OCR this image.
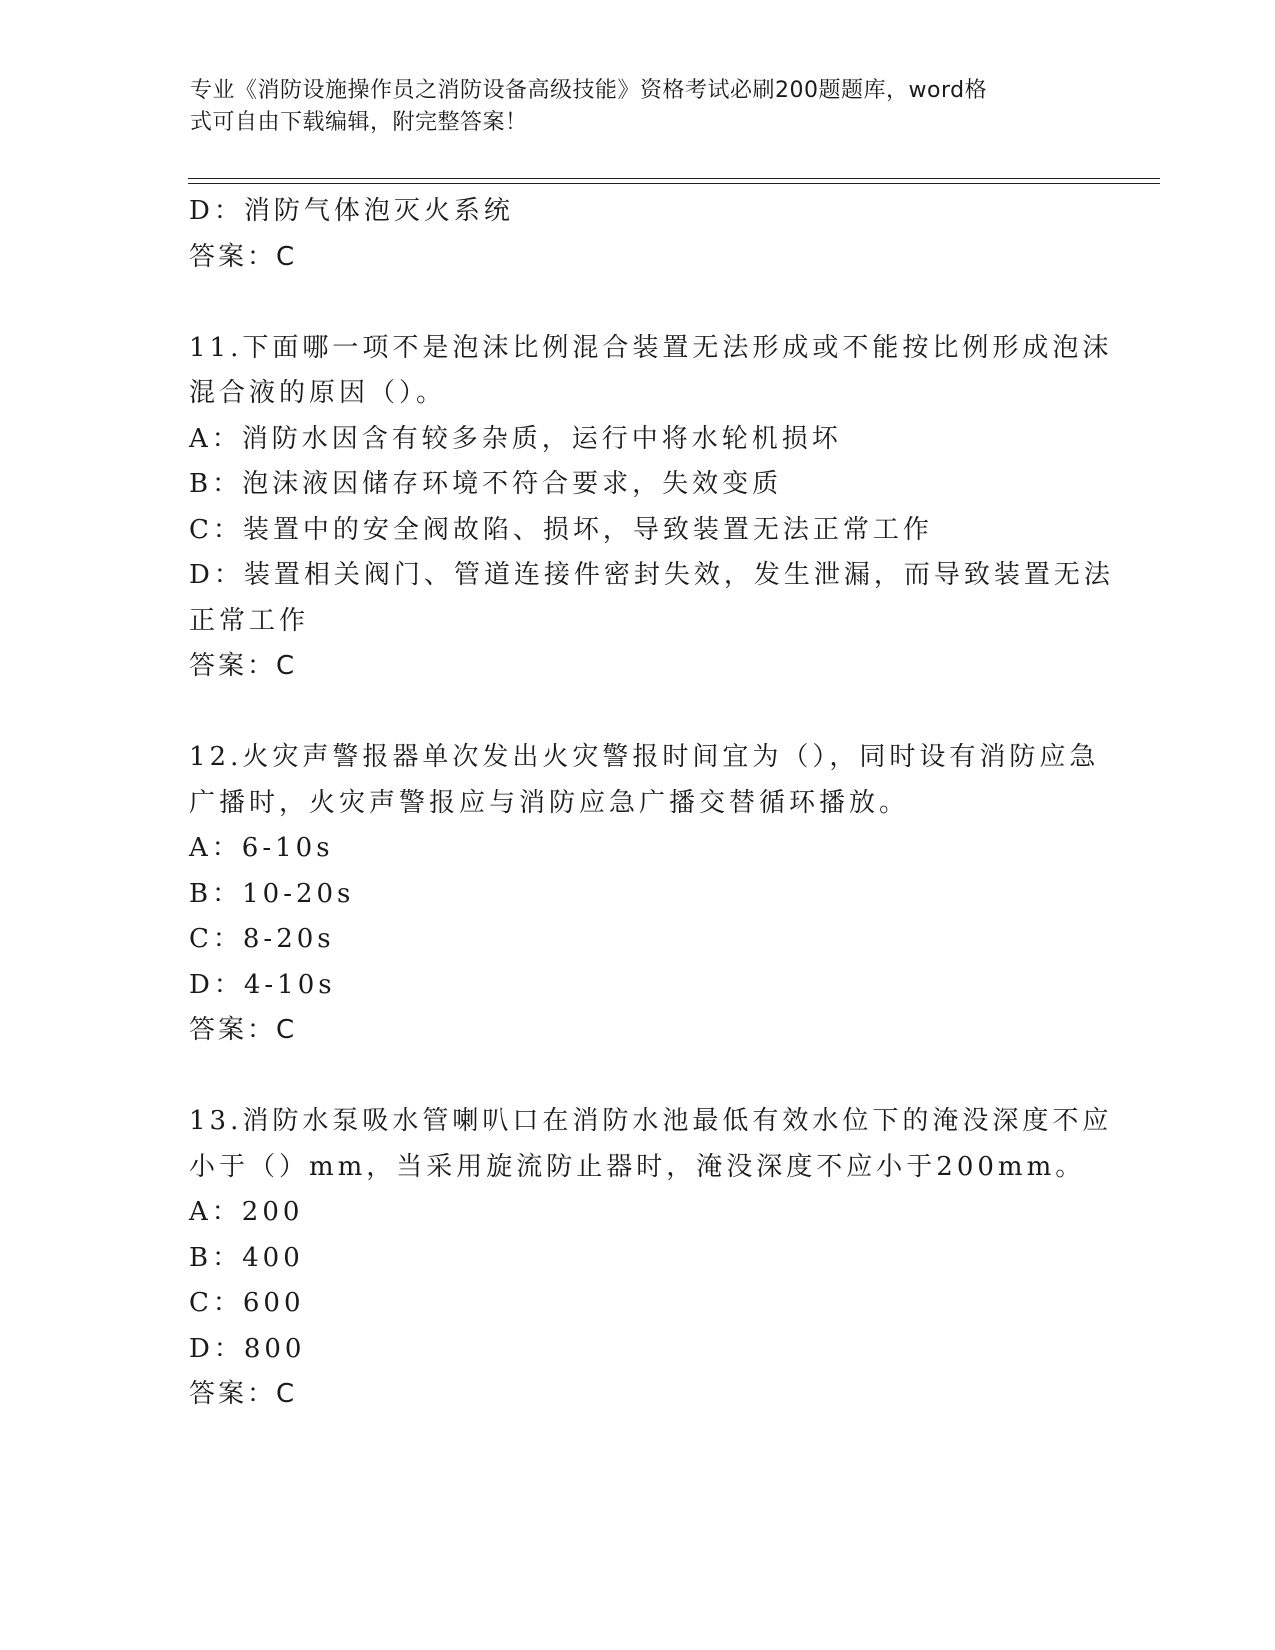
专业《消防设施操作员之消防设备高级技能》资格考试必刷200题题库，word格
式可自由下载编辑，附完整答案！
D：消防气体泡灭火系统
答案：C
11.下面哪一项不是泡沫比例混合装置无法形成或不能按比例形成泡沫
混合液的原因（）。
A：消防水因含有较多杂质，运行中将水轮机损坏
B：泡沫液因储存环境不符合要求，失效变质
C：装置中的安全阀故陷、损坏，导致装置无法正常工作
D：装置相关阀门、管道连接件密封失效，发生泄漏，而导致装置无法
正常工作
答案：C
12.火灾声警报器单次发出火灾警报时间宜为（），同时设有消防应急
广播时，火灾声警报应与消防应急广播交替循环播放。
A：6-10s
B：10-20s
C：8-20s
D：4-10s
答案：C
13.消防水泵吸水管喇叭口在消防水池最低有效水位下的淹没深度不应
小于（）mm，当采用旋流防止器时，淹没深度不应小于200mm。
A：200
B：400
C：600
D：800
答案：C
